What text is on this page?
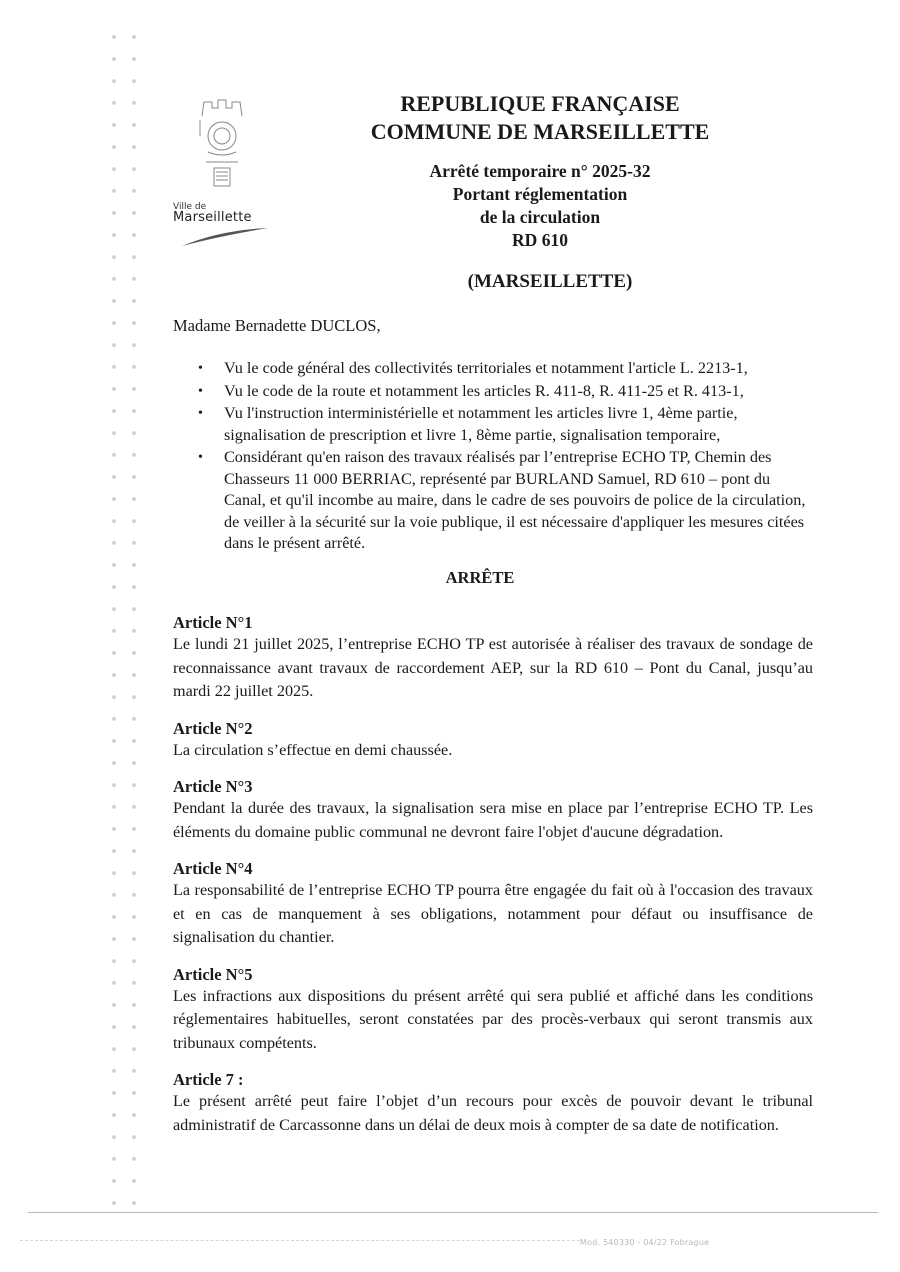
Ville de
Marseillette
REPUBLIQUE FRANÇAISE
COMMUNE DE MARSEILLETTE
Arrêté temporaire n° 2025-32
Portant réglementation
de la circulation
RD 610
(MARSEILLETTE)
Madame Bernadette DUCLOS,
• Vu le code général des collectivités territoriales et notamment l'article L. 2213-1,
• Vu le code de la route et notamment les articles R. 411-8, R. 411-25 et R. 413-1,
• Vu l'instruction interministérielle et notamment les articles livre 1, 4ème partie, signalisation de prescription et livre 1, 8ème partie, signalisation temporaire,
• Considérant qu'en raison des travaux réalisés par l’entreprise ECHO TP, Chemin des Chasseurs 11 000 BERRIAC, représenté par BURLAND Samuel, RD 610 – pont du Canal, et qu'il incombe au maire, dans le cadre de ses pouvoirs de police de la circulation, de veiller à la sécurité sur la voie publique, il est nécessaire d'appliquer les mesures citées dans le présent arrêté.
ARRÊTE
Article N°1
Le lundi 21 juillet 2025, l’entreprise ECHO TP est autorisée à réaliser des travaux de sondage de reconnaissance avant travaux de raccordement AEP, sur la RD 610 – Pont du Canal, jusqu’au mardi 22 juillet 2025.
Article N°2
La circulation s’effectue en demi chaussée.
Article N°3
Pendant la durée des travaux, la signalisation sera mise en place par l’entreprise ECHO TP. Les éléments du domaine public communal ne devront faire l'objet d'aucune dégradation.
Article N°4
La responsabilité de l’entreprise ECHO TP pourra être engagée du fait où à l'occasion des travaux et en cas de manquement à ses obligations, notamment pour défaut ou insuffisance de signalisation du chantier.
Article N°5
Les infractions aux dispositions du présent arrêté qui sera publié et affiché dans les conditions réglementaires habituelles, seront constatées par des procès-verbaux qui seront transmis aux tribunaux compétents.
Article 7 :
Le présent arrêté peut faire l’objet d’un recours pour excès de pouvoir devant le tribunal administratif de Carcassonne dans un délai de deux mois à compter de sa date de notification.
Mod. 540330 - 04/22 Fobrague
